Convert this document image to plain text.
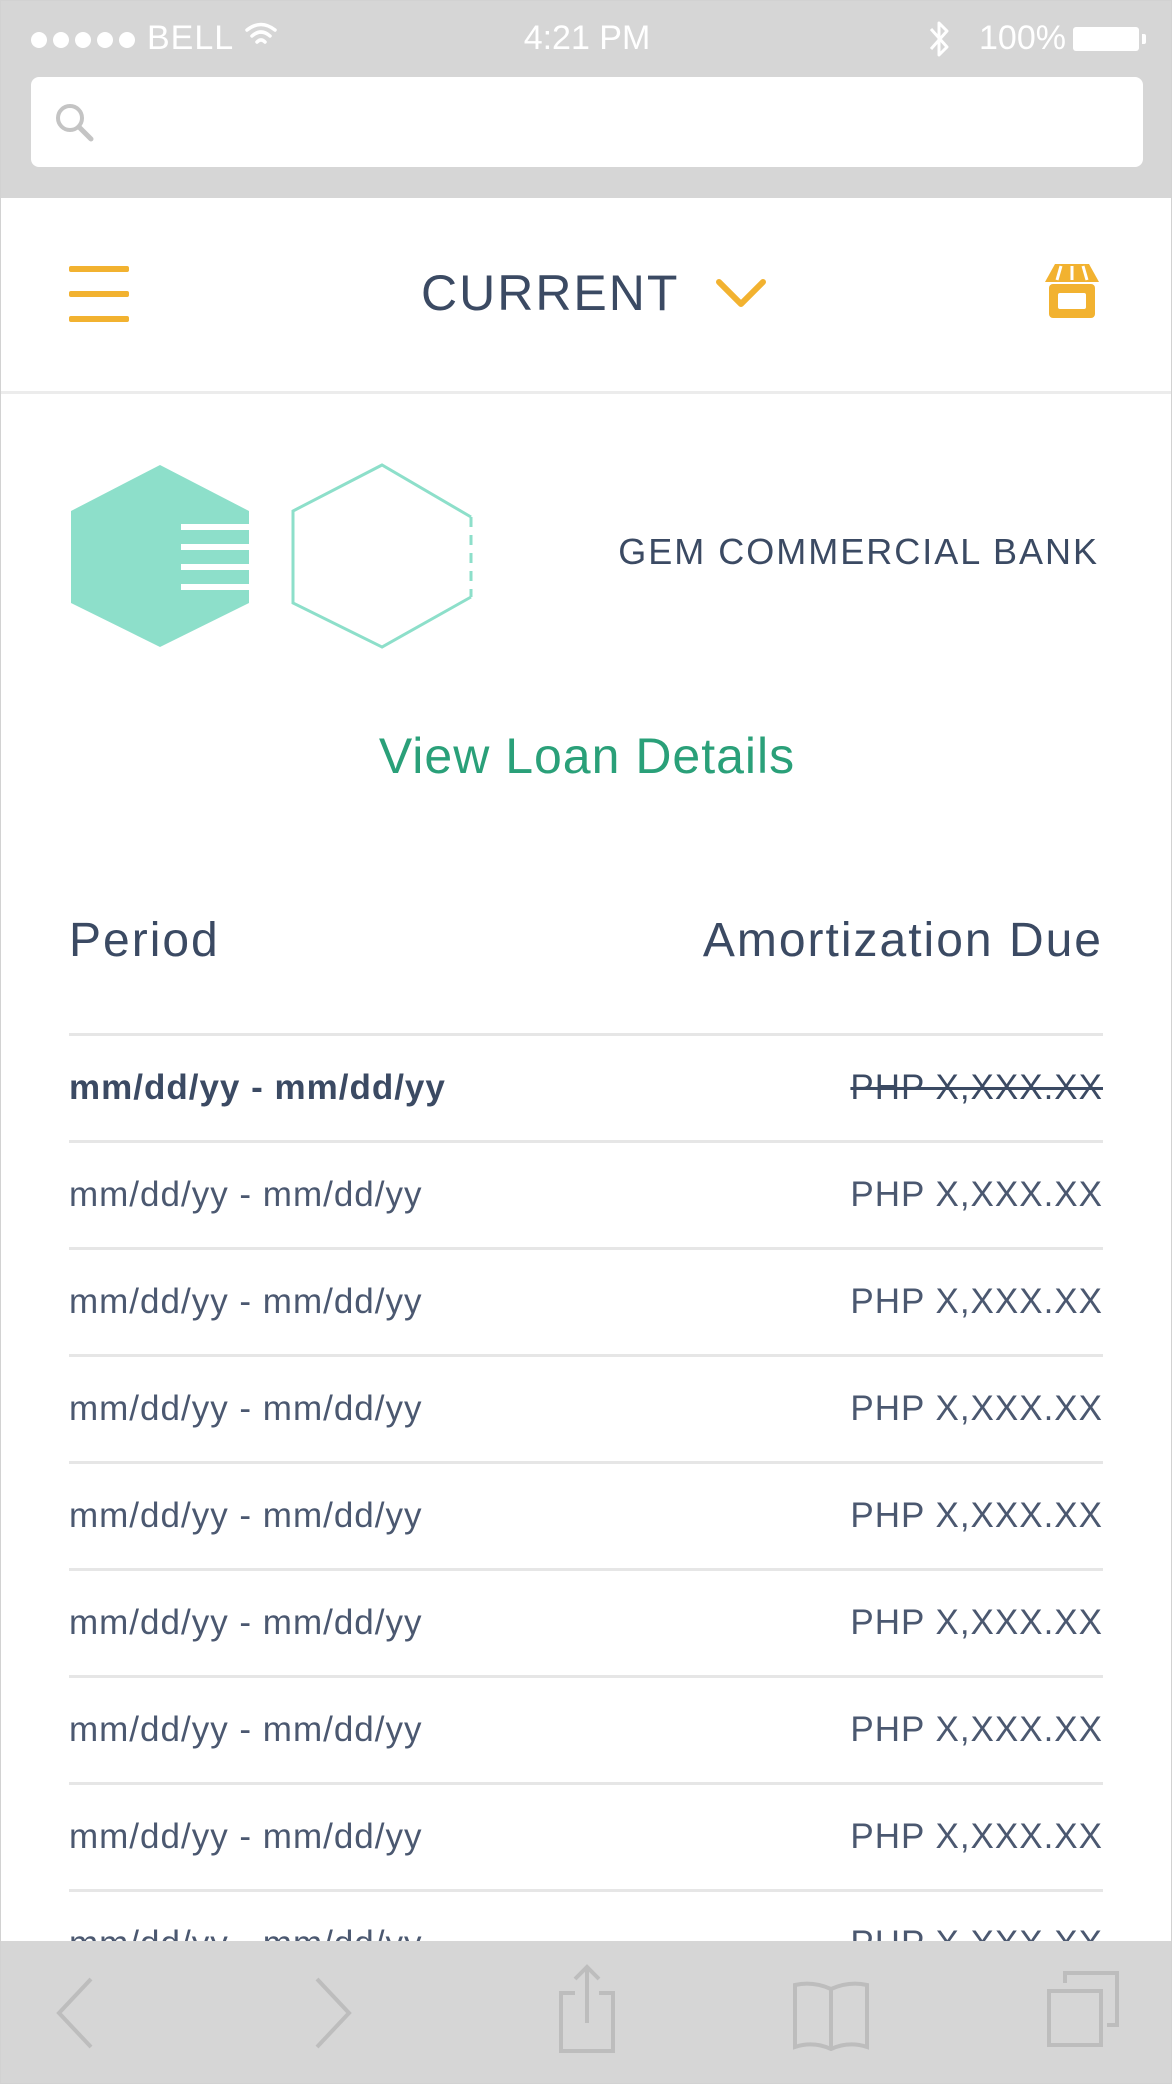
BELL	4:21 PM	100%
CURRENT
GEM COMMERCIAL BANK
View Loan Details
Period	Amortization Due
mm/dd/yy - mm/dd/yy	PHP X,XXX.XX
mm/dd/yy - mm/dd/yy	PHP X,XXX.XX
mm/dd/yy - mm/dd/yy	PHP X,XXX.XX
mm/dd/yy - mm/dd/yy	PHP X,XXX.XX
mm/dd/yy - mm/dd/yy	PHP X,XXX.XX
mm/dd/yy - mm/dd/yy	PHP X,XXX.XX
mm/dd/yy - mm/dd/yy	PHP X,XXX.XX
mm/dd/yy - mm/dd/yy	PHP X,XXX.XX
